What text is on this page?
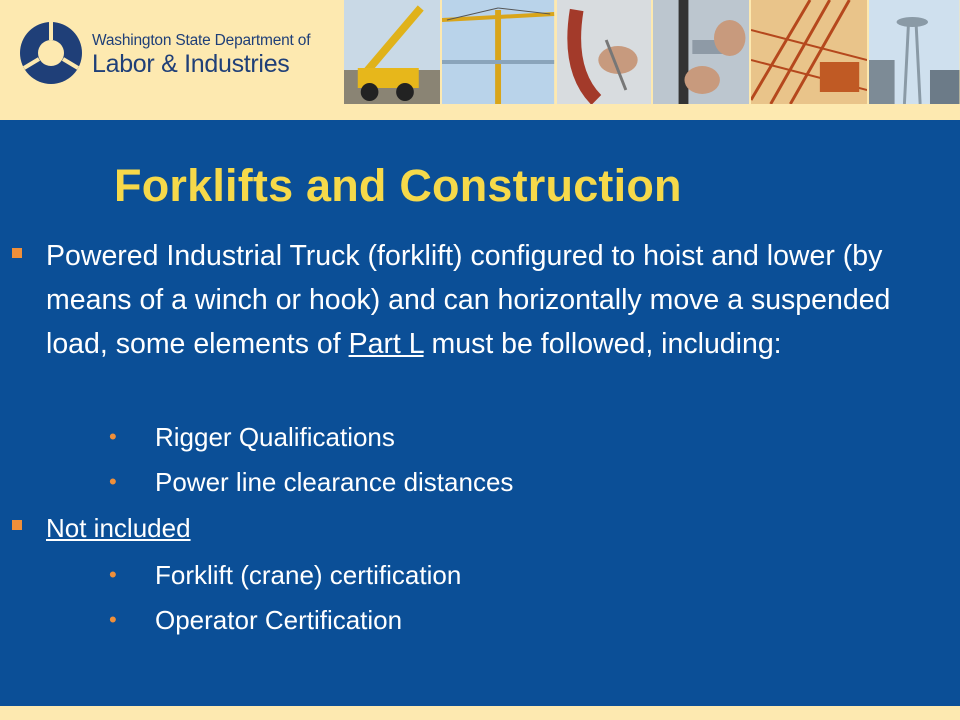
Washington State Department of
Labor & Industries
Forklifts and Construction
Powered Industrial Truck (forklift) configured to hoist and lower (by means of a winch or hook) and can horizontally move a suspended load, some elements of Part L must be followed, including:
• Rigger Qualifications
• Power line clearance distances
Not included
• Forklift (crane) certification
• Operator Certification
